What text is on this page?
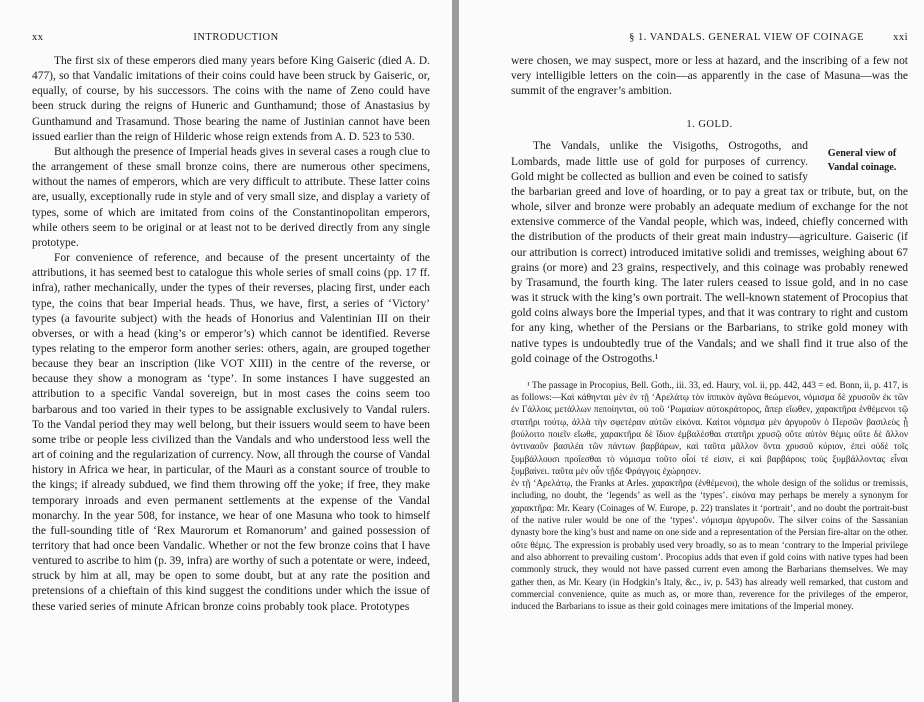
xx	INTRODUCTION

The first six of these emperors died many years before King Gaiseric (died A. D. 477), so that Vandalic imitations of their coins could have been struck by Gaiseric, or, equally, of course, by his successors. The coins with the name of Zeno could have been struck during the reigns of Huneric and Gunthamund; those of Anastasius by Gunthamund and Trasamund. Those bearing the name of Justinian cannot have been issued earlier than the reign of Hilderic whose reign extends from A. D. 523 to 530.

But although the presence of Imperial heads gives in several cases a rough clue to the arrangement of these small bronze coins, there are numerous other specimens, without the names of emperors, which are very difficult to attribute. These latter coins are, usually, exceptionally rude in style and of very small size, and display a variety of types, some of which are imitated from coins of the Constantinopolitan emperors, while others seem to be original or at least not to be derived directly from any single prototype.

For convenience of reference, and because of the present uncertainty of the attributions, it has seemed best to catalogue this whole series of small coins (pp. 17 ff. infra), rather mechanically, under the types of their reverses, placing first, under each type, the coins that bear Imperial heads. Thus, we have, first, a series of ‘Victory’ types (a favourite subject) with the heads of Honorius and Valentinian III on their obverses, or with a head (king’s or emperor’s) which cannot be identified. Reverse types relating to the emperor form another series: others, again, are grouped together because they bear an inscription (like VOT XIII) in the centre of the reverse, or because they show a monogram as ‘type’. In some instances I have suggested an attribution to a specific Vandal sovereign, but in most cases the coins seem too barbarous and too varied in their types to be assignable exclusively to Vandal rulers. To the Vandal period they may well belong, but their issuers would seem to have been some tribe or people less civilized than the Vandals and who understood less well the art of coining and the regularization of currency. Now, all through the course of Vandal history in Africa we hear, in particular, of the Mauri as a constant source of trouble to the kings; if already subdued, we find them throwing off the yoke; if free, they make temporary inroads and even permanent settlements at the expense of the Vandal monarchy. In the year 508, for instance, we hear of one Masuna who took to himself the full-sounding title of ‘Rex Maurorum et Romanorum’ and gained possession of territory that had once been Vandalic. Whether or not the few bronze coins that I have ventured to ascribe to him (p. 39, infra) are worthy of such a potentate or were, indeed, struck by him at all, may be open to some doubt, but at any rate the position and pretensions of a chieftain of this kind suggest the conditions under which the issue of these varied series of minute African bronze coins probably took place. Prototypes

§ 1. VANDALS. GENERAL VIEW OF COINAGE	xxi

were chosen, we may suspect, more or less at hazard, and the inscribing of a few not very intelligible letters on the coin—as apparently in the case of Masuna—was the summit of the engraver’s ambition.

1. GOLD.
General view of Vandal coinage.

The Vandals, unlike the Visigoths, Ostrogoths, and Lombards, made little use of gold for purposes of currency. Gold might be collected as bullion and even be coined to satisfy the barbarian greed and love of hoarding, or to pay a great tax or tribute, but, on the whole, silver and bronze were probably an adequate medium of exchange for the not extensive commerce of the Vandal people, which was, indeed, chiefly concerned with the distribution of the products of their great main industry—agriculture. Gaiseric (if our attribution is correct) introduced imitative solidi and tremisses, weighing about 67 grains (or more) and 23 grains, respectively, and this coinage was probably renewed by Trasamund, the fourth king. The later rulers ceased to issue gold, and in no case was it struck with the king’s own portrait. The well-known statement of Procopius that gold coins always bore the Imperial types, and that it was contrary to right and custom for any king, whether of the Persians or the Barbarians, to strike gold money with native types is undoubtedly true of the Vandals; and we shall find it true also of the gold coinage of the Ostrogoths.¹

¹ The passage in Procopius, Bell. Goth., iii. 33, ed. Haury, vol. ii, pp. 442, 443 = ed. Bonn, ii, p. 417, is as follows:—Καὶ κάθηνται μὲν ἐν τῇ ‘Αρελάτῳ τὸν ἱππικὸν ἀγῶνα θεώμενοι, νόμισμα δὲ χρυσοῦν ἐκ τῶν ἐν Γάλλοις μετάλλων πεποίηνται, οὐ τοῦ ‘Ρωμαίων αὐτοκράτορος, ἅπερ εἴωθεν, χαρακτῆρα ἐνθέμενοι τῷ στατῆρι τούτῳ, ἀλλὰ τὴν σφετέραν αὐτῶν εἰκόνα. Καίτοι νόμισμα μὲν ἀργυροῦν ὁ Περσῶν βασιλεὺς ᾗ βούλοιτο ποιεῖν εἴωθε, χαρακτῆρα δὲ ἴδιον ἐμβαλέσθαι στατῆρι χρυσῷ οὔτε αὐτὸν θέμις οὔτε δὲ ἄλλον ὁντιναοῦν βασιλέα τῶν πάντων βαρβάρων, καὶ ταῦτα μᾶλλον ὄντα χρυσοῦ κύριον, ἐπεὶ οὐδὲ τοῖς ξυμβάλλουσι προΐεσθαι τὸ νόμισμα τοῦτο οἷοί τέ εἰσιν, εἰ καὶ βαρβάροις τοὺς ξυμβάλλοντας εἶναι ξυμβαίνει. ταῦτα μὲν οὖν τῇδε Φράγγοις ἐχώρησεν.

ἐν τῇ ‘Αρελάτῳ, the Franks at Arles. χαρακτῆρα (ἐνθέμενοι), the whole design of the solidus or tremissis, including, no doubt, the ‘legends’ as well as the ‘types’. εἰκόνα may perhaps be merely a synonym for χαρακτῆρα: Mr. Keary (Coinages of W. Europe, p. 22) translates it ‘portrait’, and no doubt the portrait-bust of the native ruler would be one of the ‘types’. νόμισμα ἀργυροῦν. The silver coins of the Sassanian dynasty bore the king’s bust and name on one side and a representation of the Persian fire-altar on the other. οὔτε θέμις. The expression is probably used very broadly, so as to mean ‘contrary to the Imperial privilege and also abhorrent to prevailing custom’. Procopius adds that even if gold coins with native types had been commonly struck, they would not have passed current even among the Barbarians themselves. We may gather then, as Mr. Keary (in Hodgkin’s Italy, &c., iv, p. 543) has already well remarked, that custom and commercial convenience, quite as much as, or more than, reverence for the privileges of the emperor, induced the Barbarians to issue as their gold coinages mere imitations of the Imperial money.
